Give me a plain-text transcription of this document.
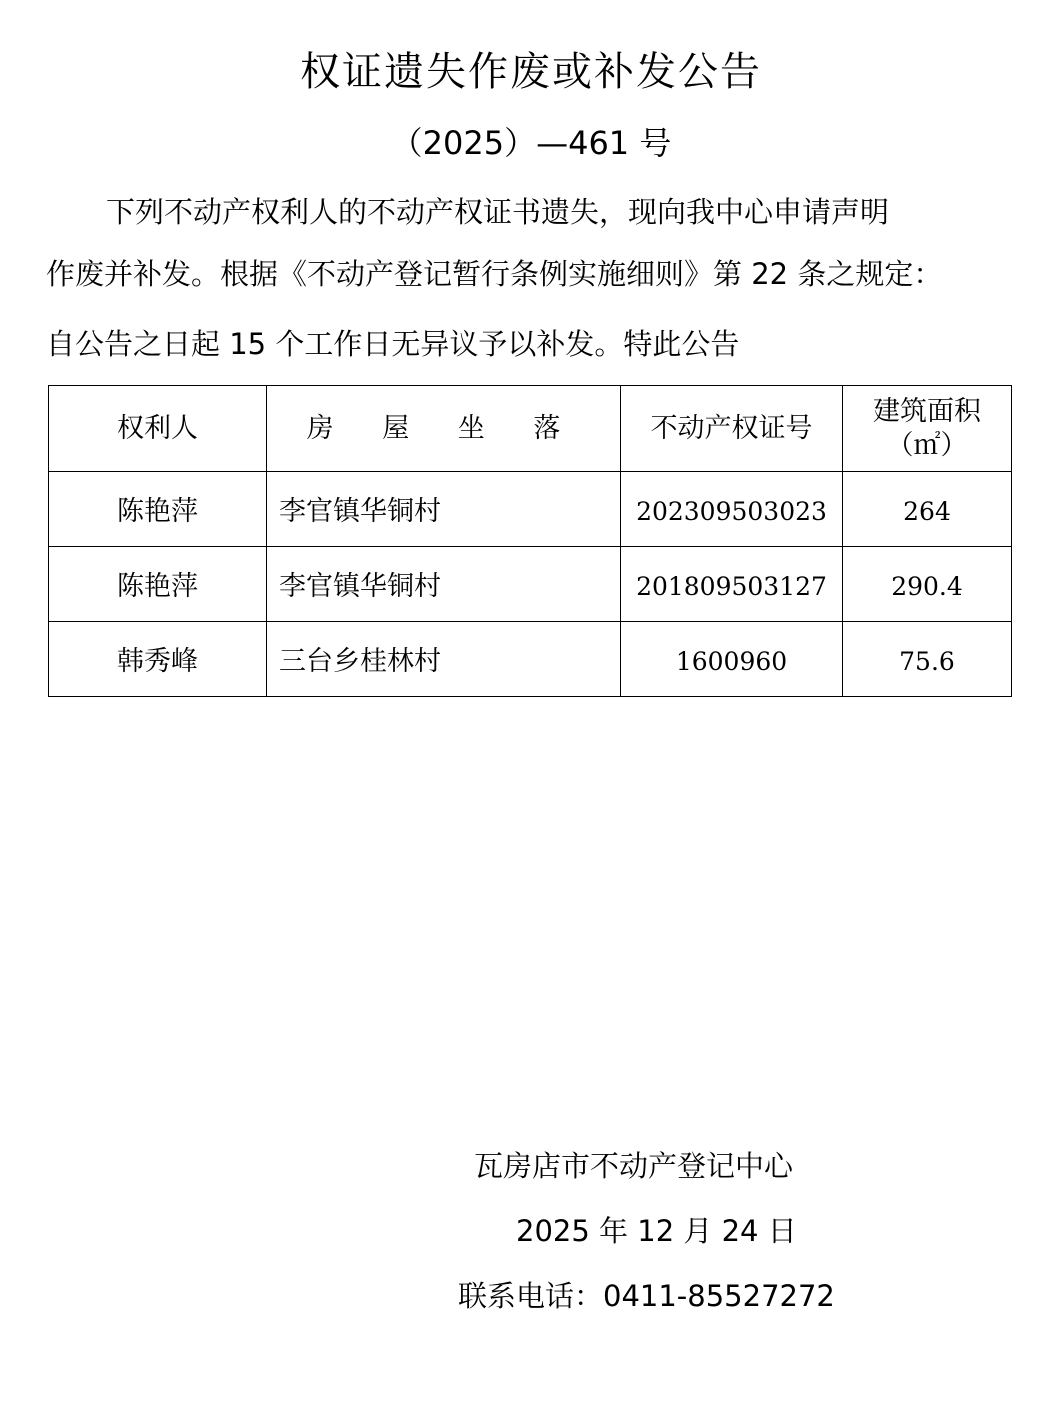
权证遗失作废或补发公告
（2025）—461 号
下列不动产权利人的不动产权证书遗失，现向我中心申请声明
作废并补发。根据《不动产登记暂行条例实施细则》第 22 条之规定：
自公告之日起 15 个工作日无异议予以补发。特此公告
权利人	房 屋 坐 落	不动产权证号	建筑面积
（㎡）

陈艳萍	李官镇华铜村	202309503023	264
陈艳萍	李官镇华铜村	201809503127	290.4
韩秀峰	三台乡桂林村	1600960	75.6
瓦房店市不动产登记中心
2025 年 12 月 24 日
联系电话：0411-85527272
